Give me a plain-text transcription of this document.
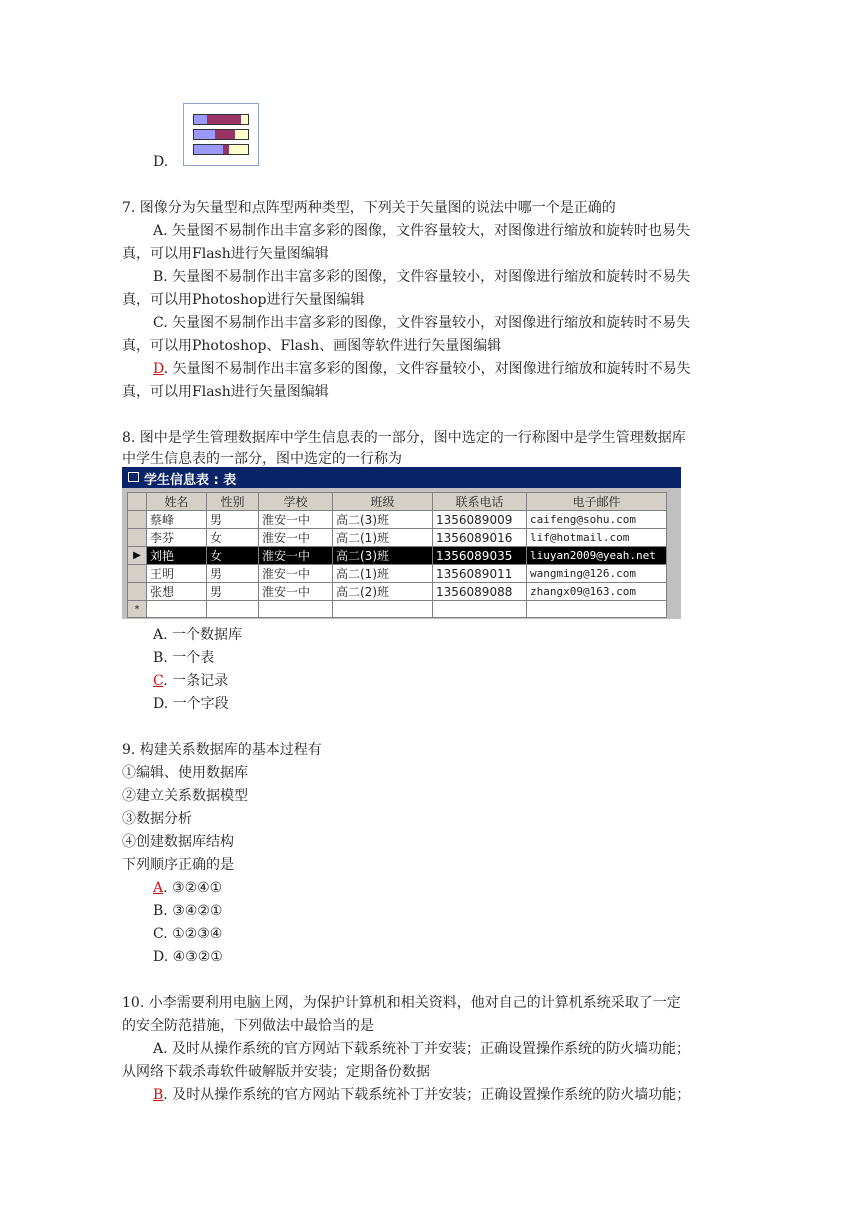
D.
7. 图像分为矢量型和点阵型两种类型，下列关于矢量图的说法中哪一个是正确的
A. 矢量图不易制作出丰富多彩的图像，文件容量较大，对图像进行缩放和旋转时也易失
真，可以用Flash进行矢量图编辑
B. 矢量图不易制作出丰富多彩的图像，文件容量较小，对图像进行缩放和旋转时不易失
真，可以用Photoshop进行矢量图编辑
C. 矢量图不易制作出丰富多彩的图像，文件容量较小，对图像进行缩放和旋转时不易失
真，可以用Photoshop、Flash、画图等软件进行矢量图编辑
D. 矢量图不易制作出丰富多彩的图像，文件容量较小，对图像进行缩放和旋转时不易失
真，可以用Flash进行矢量图编辑
8. 图中是学生管理数据库中学生信息表的一部分，图中选定的一行称图中是学生管理数据库
中学生信息表的一部分，图中选定的一行称为
学生信息表 : 表
	姓名	性别	学校	班级	联系电话	电子邮件
	蔡峰	男	淮安一中	高二(3)班	1356089009	caifeng@sohu.com
	李芬	女	淮安一中	高二(1)班	1356089016	lif@hotmail.com
▶	刘艳	女	淮安一中	高二(3)班	1356089035	liuyan2009@yeah.net
	王明	男	淮安一中	高二(1)班	1356089011	wangming@126.com
	张想	男	淮安一中	高二(2)班	1356089088	zhangx09@163.com
*						
A. 一个数据库
B. 一个表
C. 一条记录
D. 一个字段
9. 构建关系数据库的基本过程有
①编辑、使用数据库
②建立关系数据模型
③数据分析
④创建数据库结构
下列顺序正确的是
A. ③②④①
B. ③④②①
C. ①②③④
D. ④③②①
10. 小李需要利用电脑上网，为保护计算机和相关资料，他对自己的计算机系统采取了一定
的安全防范措施，下列做法中最恰当的是
A. 及时从操作系统的官方网站下载系统补丁并安装；正确设置操作系统的防火墙功能；
从网络下载杀毒软件破解版并安装；定期备份数据
B. 及时从操作系统的官方网站下载系统补丁并安装；正确设置操作系统的防火墙功能；
